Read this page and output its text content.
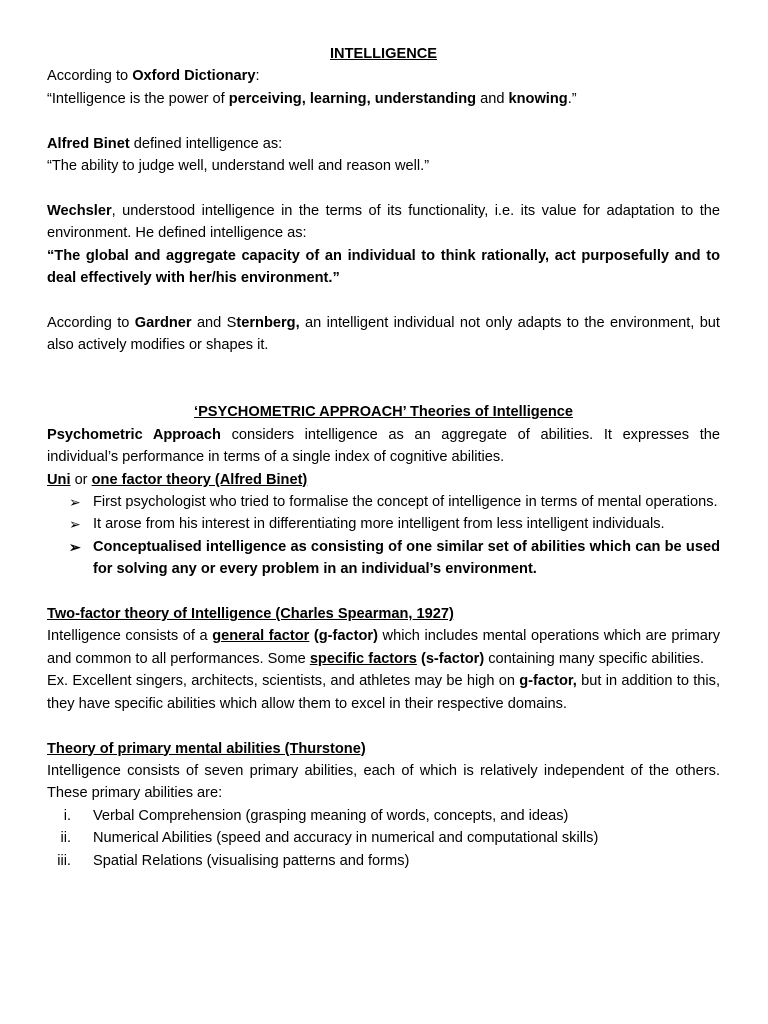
INTELLIGENCE

According to Oxford Dictionary:

“Intelligence is the power of perceiving, learning, understanding and knowing.”

Alfred Binet defined intelligence as:

“The ability to judge well, understand well and reason well.”

Wechsler, understood intelligence in the terms of its functionality, i.e. its value for adaptation to the environment. He defined intelligence as:

“The global and aggregate capacity of an individual to think rationally, act purposefully and to deal effectively with her/his environment.”

According to Gardner and Sternberg, an intelligent individual not only adapts to the environment, but also actively modifies or shapes it.

‘PSYCHOMETRIC APPROACH’ Theories of Intelligence

Psychometric Approach considers intelligence as an aggregate of abilities. It expresses the individual’s performance in terms of a single index of cognitive abilities.

Uni or one factor theory (Alfred Binet)

➢ First psychologist who tried to formalise the concept of intelligence in terms of mental operations.
➢ It arose from his interest in differentiating more intelligent from less intelligent individuals.
➢ Conceptualised intelligence as consisting of one similar set of abilities which can be used for solving any or every problem in an individual’s environment.

Two-factor theory of Intelligence (Charles Spearman, 1927)

Intelligence consists of a general factor (g-factor) which includes mental operations which are primary and common to all performances. Some specific factors (s-factor) containing many specific abilities.

Ex. Excellent singers, architects, scientists, and athletes may be high on g-factor, but in addition to this, they have specific abilities which allow them to excel in their respective domains.

Theory of primary mental abilities (Thurstone)

Intelligence consists of seven primary abilities, each of which is relatively independent of the others. These primary abilities are:

i. Verbal Comprehension (grasping meaning of words, concepts, and ideas)
ii. Numerical Abilities (speed and accuracy in numerical and computational skills)
iii. Spatial Relations (visualising patterns and forms)
